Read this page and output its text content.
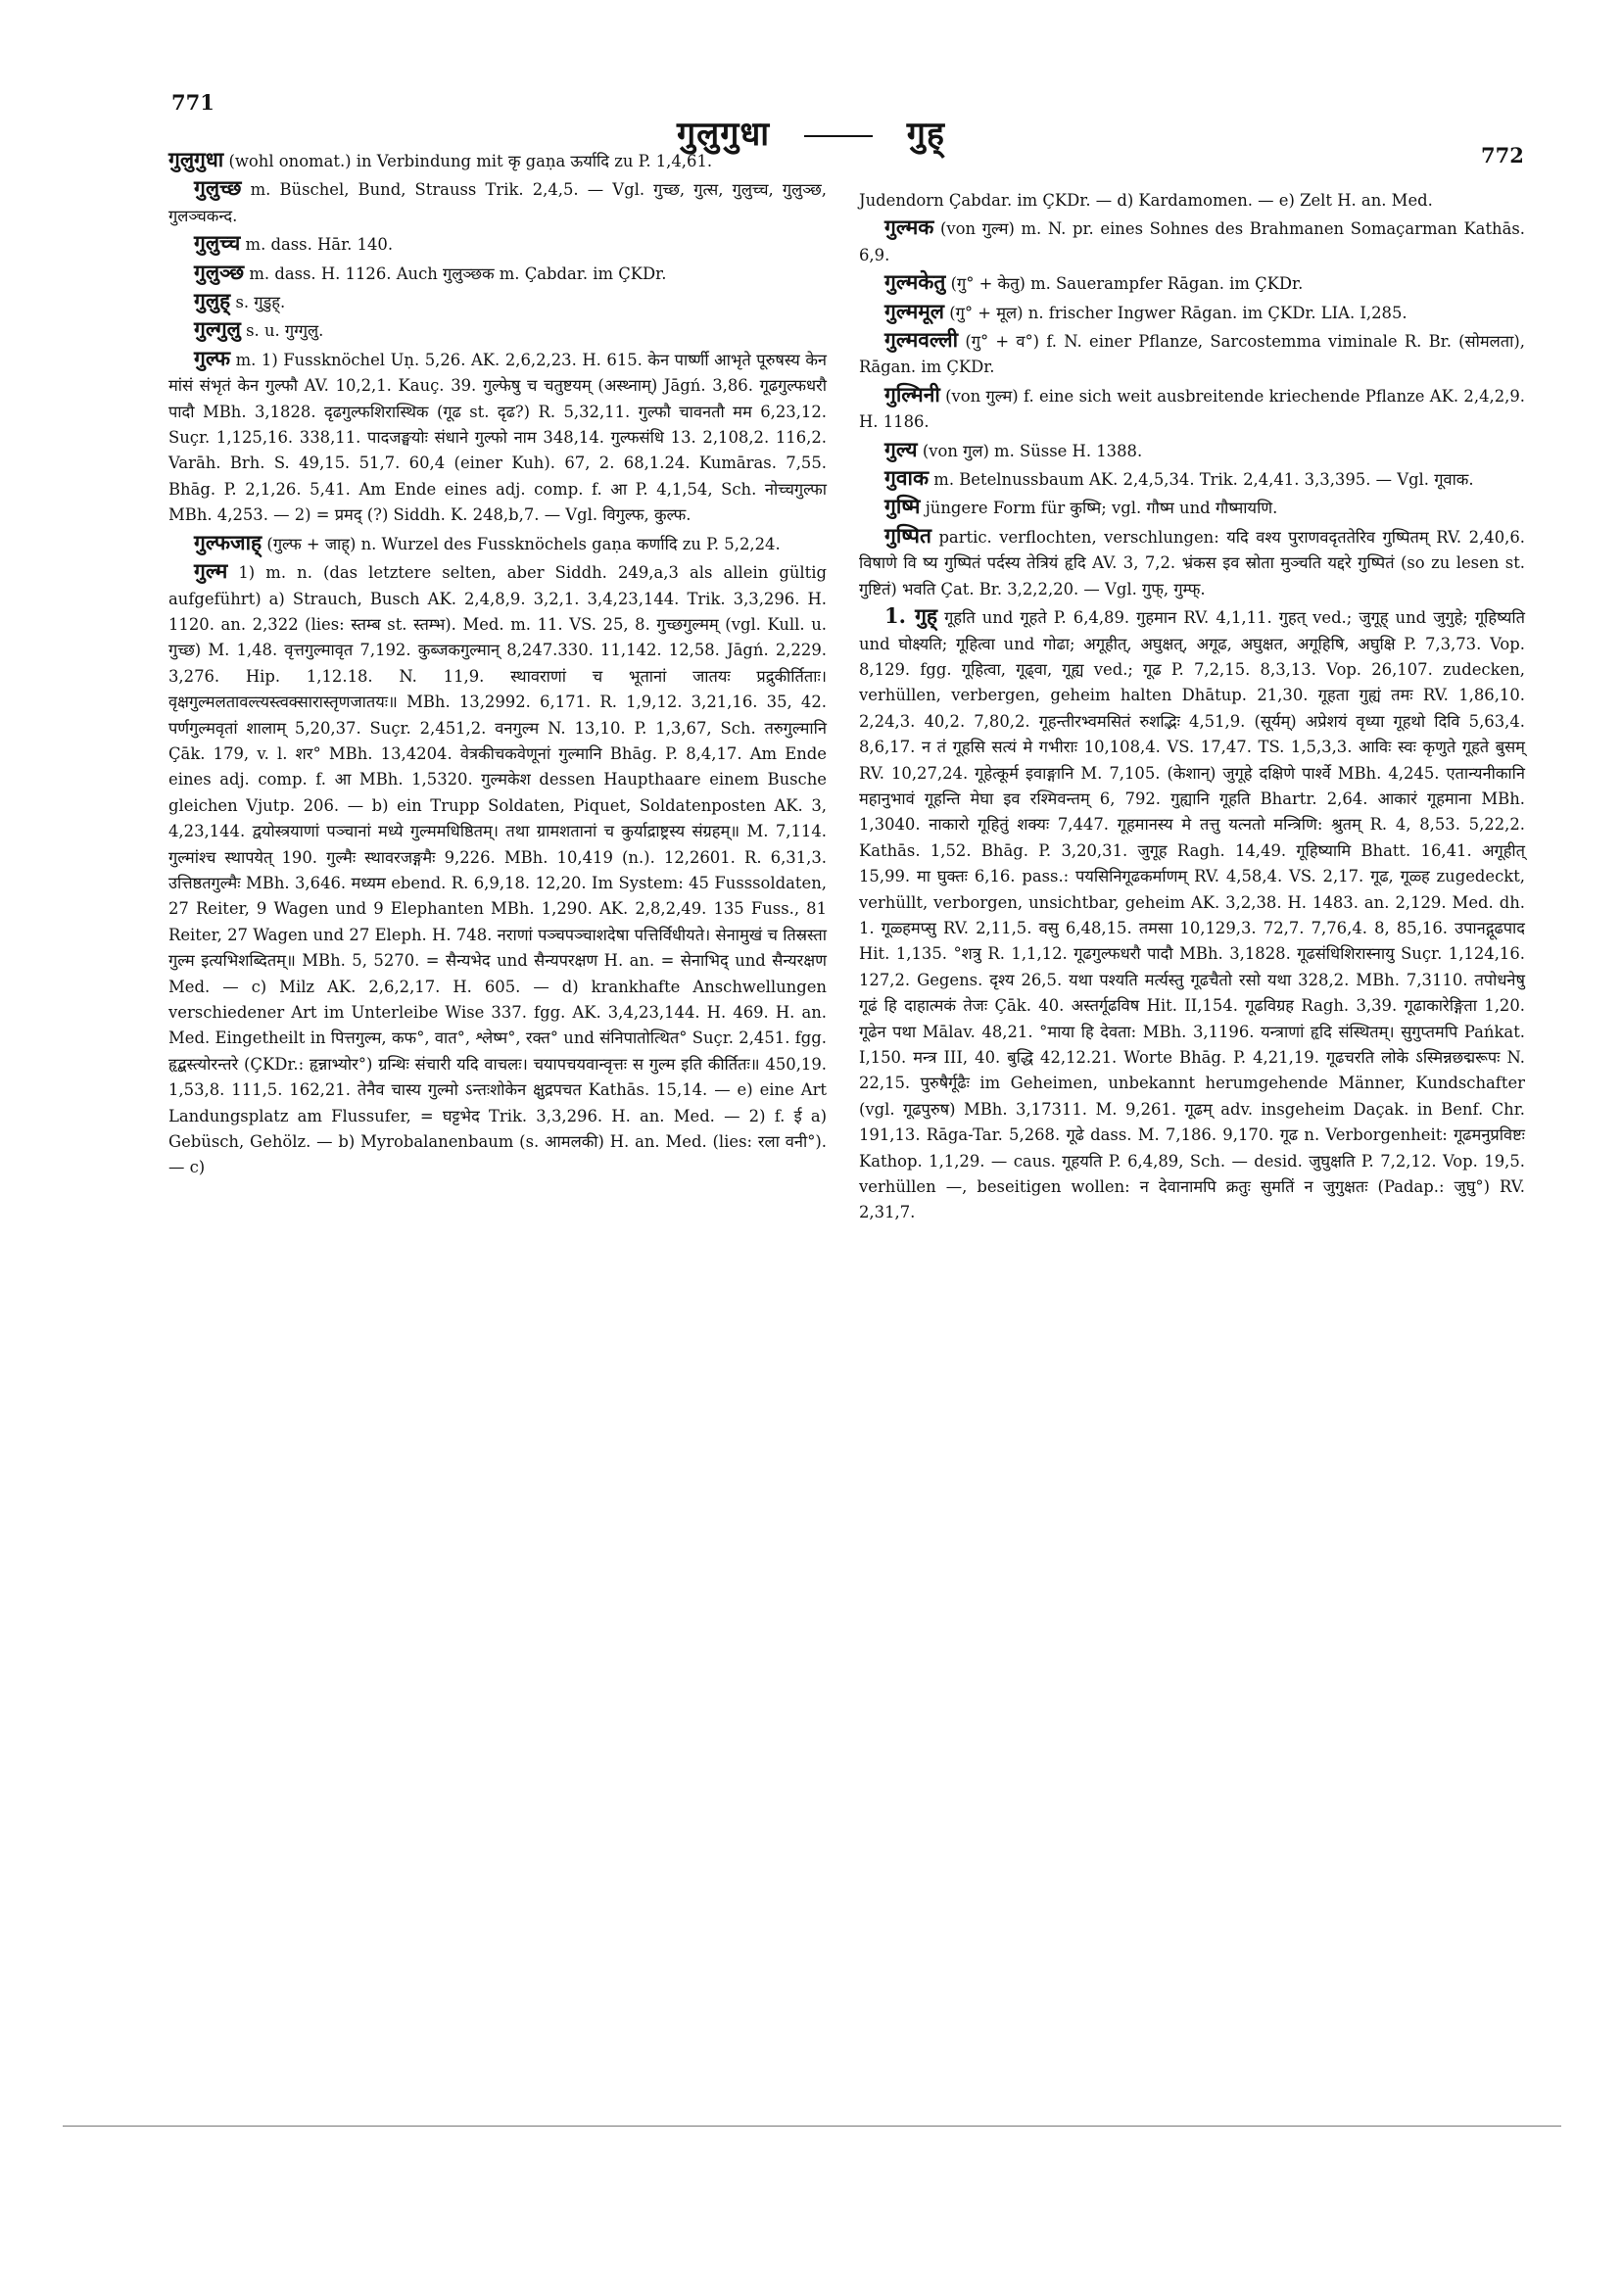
771
772
गुलुगुधा	गुह्

गुलुगुधा (wohl onomat.) in Verbindung mit कृ gaṇa ऊर्यादि zu P. 1,4,61.

गुलुच्छ m. Büschel, Bund, Strauss Trik. 2,4,5. — Vgl. गुच्छ, गुत्स, गुलुच्च, गुलुञ्छ, गुलञ्चकन्द.

गुलुच्च m. dass. Hār. 140.

गुलुञ्छ m. dass. H. 1126. Auch गुलुञ्छक m. Çabdar. im ÇKDr.

गुलुह् s. गुडुह्.

गुल्गुलु s. u. गुग्गुलु.

गुल्फ m. 1) Fussknöchel Uṇ. 5,26. AK. 2,6,2,23. H. 615. केन पार्ष्णी आभृते पूरुषस्य केन मांसं संभृतं केन गुल्फौ AV. 10,2,1. Kauç. 39. गुल्फेषु च चतुष्टयम् (अस्थ्नाम्) Jāgń. 3,86. गूढगुल्फधरौ पादौ MBh. 3,1828. दृढगुल्फशिरास्थिक (गूढ st. दृढ?) R. 5,32,11. गुल्फौ चावनतौ मम 6,23,12. Suçr. 1,125,16. 338,11. पादजङ्घयोः संधाने गुल्फो नाम 348,14. गुल्फसंधि 13. 2,108,2. 116,2. Varāh. Brh. S. 49,15. 51,7. 60,4 (einer Kuh). 67, 2. 68,1.24. Kumāras. 7,55. Bhāg. P. 2,1,26. 5,41. Am Ende eines adj. comp. f. आ P. 4,1,54, Sch. नोच्चगुल्फा MBh. 4,253. — 2) = प्रमद् (?) Siddh. K. 248,b,7. — Vgl. विगुल्फ, कुल्फ.

गुल्फजाह् (गुल्फ + जाह्) n. Wurzel des Fussknöchels gaṇa कर्णादि zu P. 5,2,24.

गुल्म 1) m. n. (das letztere selten, aber Siddh. 249,a,3 als allein gültig aufgeführt) a) Strauch, Busch AK. 2,4,8,9. 3,2,1. 3,4,23,144. Trik. 3,3,296. H. 1120. an. 2,322 (lies: स्तम्ब st. स्तम्भ). Med. m. 11. VS. 25, 8. गुच्छगुल्मम् (vgl. Kull. u. गुच्छ) M. 1,48. वृत्तगुल्मावृत 7,192. कुब्जकगुल्मान् 8,247.330. 11,142. 12,58. Jāgń. 2,229. 3,276. Hip. 1,12.18. N. 11,9. स्थावराणां च भूतानां जातयः प्रद्रुकीर्तिताः। वृक्षगुल्मलतावल्त्यस्त्वक्सारास्तृणजातयः॥ MBh. 13,2992. 6,171. R. 1,9,12. 3,21,16. 35, 42. पर्णगुल्मवृतां शालाम् 5,20,37. Suçr. 2,451,2. वनगुल्म N. 13,10. P. 1,3,67, Sch. तरुगुल्मानि Çāk. 179, v. l. शर° MBh. 13,4204. वेत्रकीचकवेणूनां गुल्मानि Bhāg. P. 8,4,17. Am Ende eines adj. comp. f. आ MBh. 1,5320. गुल्मकेश dessen Haupthaare einem Busche gleichen Vjutp. 206. — b) ein Trupp Soldaten, Piquet, Soldatenposten AK. 3, 4,23,144. द्वयोस्त्रयाणां पञ्चानां मध्ये गुल्ममधिष्ठितम्। तथा ग्रामशतानां च कुर्याद्राष्ट्रस्य संग्रहम्॥ M. 7,114. गुल्मांश्च स्थापयेत् 190. गुल्मैः स्थावरजङ्गमैः 9,226. MBh. 10,419 (n.). 12,2601. R. 6,31,3. उत्तिष्ठतगुल्मैः MBh. 3,646. मध्यम ebend. R. 6,9,18. 12,20. Im System: 45 Fusssoldaten, 27 Reiter, 9 Wagen und 9 Elephanten MBh. 1,290. AK. 2,8,2,49. 135 Fuss., 81 Reiter, 27 Wagen und 27 Eleph. H. 748. नराणां पञ्चपञ्चाशदेषा पत्तिर्विधीयते। सेनामुखं च तिस्रस्ता गुल्म इत्यभिशब्दितम्॥ MBh. 5, 5270. = सैन्यभेद und सैन्यपरक्षण H. an. = सेनाभिद् und सैन्यरक्षण Med. — c) Milz AK. 2,6,2,17. H. 605. — d) krankhafte Anschwellungen verschiedener Art im Unterleibe Wise 337. fgg. AK. 3,4,23,144. H. 469. H. an. Med. Eingetheilt in पित्तगुल्म, कफ°, वात°, श्लेष्म°, रक्त° und संनिपातोत्थित° Suçr. 2,451. fgg. हृद्बस्त्योरन्तरे (ÇKDr.: हृन्नाभ्योर°) ग्रन्थिः संचारी यदि वाचलः। चयापचयवान्वृत्तः स गुल्म इति कीर्तितः॥ 450,19. 1,53,8. 111,5. 162,21. तेनैव चास्य गुल्मो ऽन्तःशोकेन क्षुद्रपचत Kathās. 15,14. — e) eine Art Landungsplatz am Flussufer, = घट्टभेद Trik. 3,3,296. H. an. Med. — 2) f. ई a) Gebüsch, Gehölz. — b) Myrobalanenbaum (s. आमलकी) H. an. Med. (lies: रला वनी°). — c)

Judendorn Çabdar. im ÇKDr. — d) Kardamomen. — e) Zelt H. an. Med.

गुल्मक (von गुल्म) m. N. pr. eines Sohnes des Brahmanen Somaçarman Kathās. 6,9.

गुल्मकेतु (गु° + केतु) m. Sauerampfer Rāgan. im ÇKDr.

गुल्ममूल (गु° + मूल) n. frischer Ingwer Rāgan. im ÇKDr. LIA. I,285.

गुल्मवल्ली (गु° + व°) f. N. einer Pflanze, Sarcostemma viminale R. Br. (सोमलता), Rāgan. im ÇKDr.

गुल्मिनी (von गुल्म) f. eine sich weit ausbreitende kriechende Pflanze AK. 2,4,2,9. H. 1186.

गुल्य (von गुल) m. Süsse H. 1388.

गुवाक m. Betelnussbaum AK. 2,4,5,34. Trik. 2,4,41. 3,3,395. — Vgl. गूवाक.

गुष्मि jüngere Form für कुष्मि; vgl. गौष्म und गौष्मायणि.

गुष्पित partic. verflochten, verschlungen: यदि वश्य पुराणवदृततेरिव गुष्पितम् RV. 2,40,6. विषाणे वि ष्य गुष्पितं पर्दस्य तेत्रियं हृदि AV. 3, 7,2. भ्रंकस इव स्रोता मुञ्चति यद्दरे गुष्पितं (so zu lesen st. गुष्टितं) भवति Çat. Br. 3,2,2,20. — Vgl. गुफ्, गुम्फ्.

1. गुह् गूहति und गूहते P. 6,4,89. गुहमान RV. 4,1,11. गुहत् ved.; जुगूह् und जुगुहे; गूहिष्यति und घोक्ष्यति; गूहित्वा und गोढा; अगूहीत्, अघुक्षत्, अगूढ, अघुक्षत, अगूहिषि, अघुक्षि P. 7,3,73. Vop. 8,129. fgg. गूहित्वा, गूढ्वा, गूह्य ved.; गूढ P. 7,2,15. 8,3,13. Vop. 26,107. zudecken, verhüllen, verbergen, geheim halten Dhātup. 21,30. गूहता गुह्यं तमः RV. 1,86,10. 2,24,3. 40,2. 7,80,2. गूहन्तीरभ्वमसितं रुशद्भिः 4,51,9. (सूर्यम्) अप्रेशयं वृध्या गूहथो दिवि 5,63,4. 8,6,17. न तं गूहसि सत्यं मे गभीराः 10,108,4. VS. 17,47. TS. 1,5,3,3. आविः स्वः कृणुते गूहते बुसम् RV. 10,27,24. गूहेत्कूर्म इवाङ्गानि M. 7,105. (केशान्) जुगूहे दक्षिणे पार्श्वे MBh. 4,245. एतान्यनीकानि महानुभावं गूहन्ति मेघा इव रश्मिवन्तम् 6, 792. गुह्यानि गूहति Bhartr. 2,64. आकारं गूहमाना MBh. 1,3040. नाकारो गूहितुं शक्यः 7,447. गूहमानस्य मे तत्तु यत्नतो मन्त्रिणि: श्रुतम् R. 4, 8,53. 5,22,2. Kathās. 1,52. Bhāg. P. 3,20,31. जुगूह Ragh. 14,49. गूहिष्यामि Bhatt. 16,41. अगूहीत् 15,99. मा घुक्तः 6,16. pass.: पयसिनिगूढकर्माणम् RV. 4,58,4. VS. 2,17. गूढ, गूळ्ह zugedeckt, verhüllt, verborgen, unsichtbar, geheim AK. 3,2,38. H. 1483. an. 2,129. Med. dh. 1. गूळ्हमप्सु RV. 2,11,5. वसु 6,48,15. तमसा 10,129,3. 72,7. 7,76,4. 8, 85,16. उपानद्गूढपाद Hit. 1,135. °शत्रु R. 1,1,12. गूढगुल्फधरौ पादौ MBh. 3,1828. गूढसंधिशिरास्नायु Suçr. 1,124,16. 127,2. Gegens. दृश्य 26,5. यथा पश्यति मर्त्यस्तु गूढचैतो रसो यथा 328,2. MBh. 7,3110. तपोधनेषु गूढं हि दाहात्मकं तेजः Çāk. 40. अस्तर्गूढविष Hit. II,154. गूढविग्रह Ragh. 3,39. गूढाकारेङ्गिता 1,20. गूढेन पथा Mālav. 48,21. °माया हि देवता: MBh. 3,1196. यन्त्राणां हृदि संस्थितम्। सुगुप्तमपि Pańkat. I,150. मन्त्र III, 40. बुद्धि 42,12.21. Worte Bhāg. P. 4,21,19. गूढचरति लोके ऽस्मिन्नछद्मरूपः N. 22,15. पुरुषैर्गूढैः im Geheimen, unbekannt herumgehende Männer, Kundschafter (vgl. गूढपुरुष) MBh. 3,17311. M. 9,261. गूढम् adv. insgeheim Daçak. in Benf. Chr. 191,13. Rāga-Tar. 5,268. गूढे dass. M. 7,186. 9,170. गूढ n. Verborgenheit: गूढमनुप्रविष्टः Kathop. 1,1,29. — caus. गूहयति P. 6,4,89, Sch. — desid. जुघुक्षति P. 7,2,12. Vop. 19,5. verhüllen —, beseitigen wollen: न देवानामपि क्रतुः सुमतिं न जुगुक्षतः (Padap.: जुघु°) RV. 2,31,7.
